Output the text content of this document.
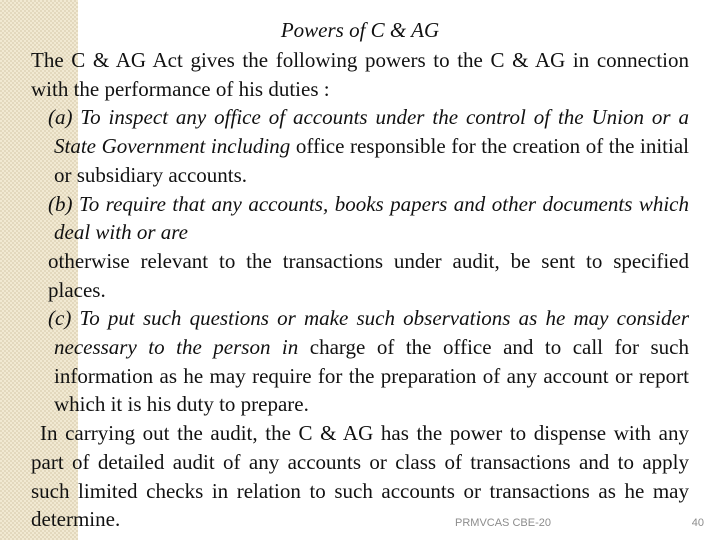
Powers of C & AG

The C & AG Act gives the following powers to the C & AG in connection with the performance of his duties :

(a) To inspect any office of accounts under the control of the Union or a State Government including office responsible for the creation of the initial or subsidiary accounts.

(b) To require that any accounts, books papers and other documents which deal with or are
otherwise relevant to the transactions under audit, be sent to specified places.

(c) To put such questions or make such observations as he may consider necessary to the person in charge of the office and to call for such information as he may require for the preparation of any account or report which it is his duty to prepare.

In carrying out the audit, the C & AG has the power to dispense with any part of detailed audit of any accounts or class of transactions and to apply such limited checks in relation to such accounts or transactions as he may determine.	PRMVCAS CBE-20	40
